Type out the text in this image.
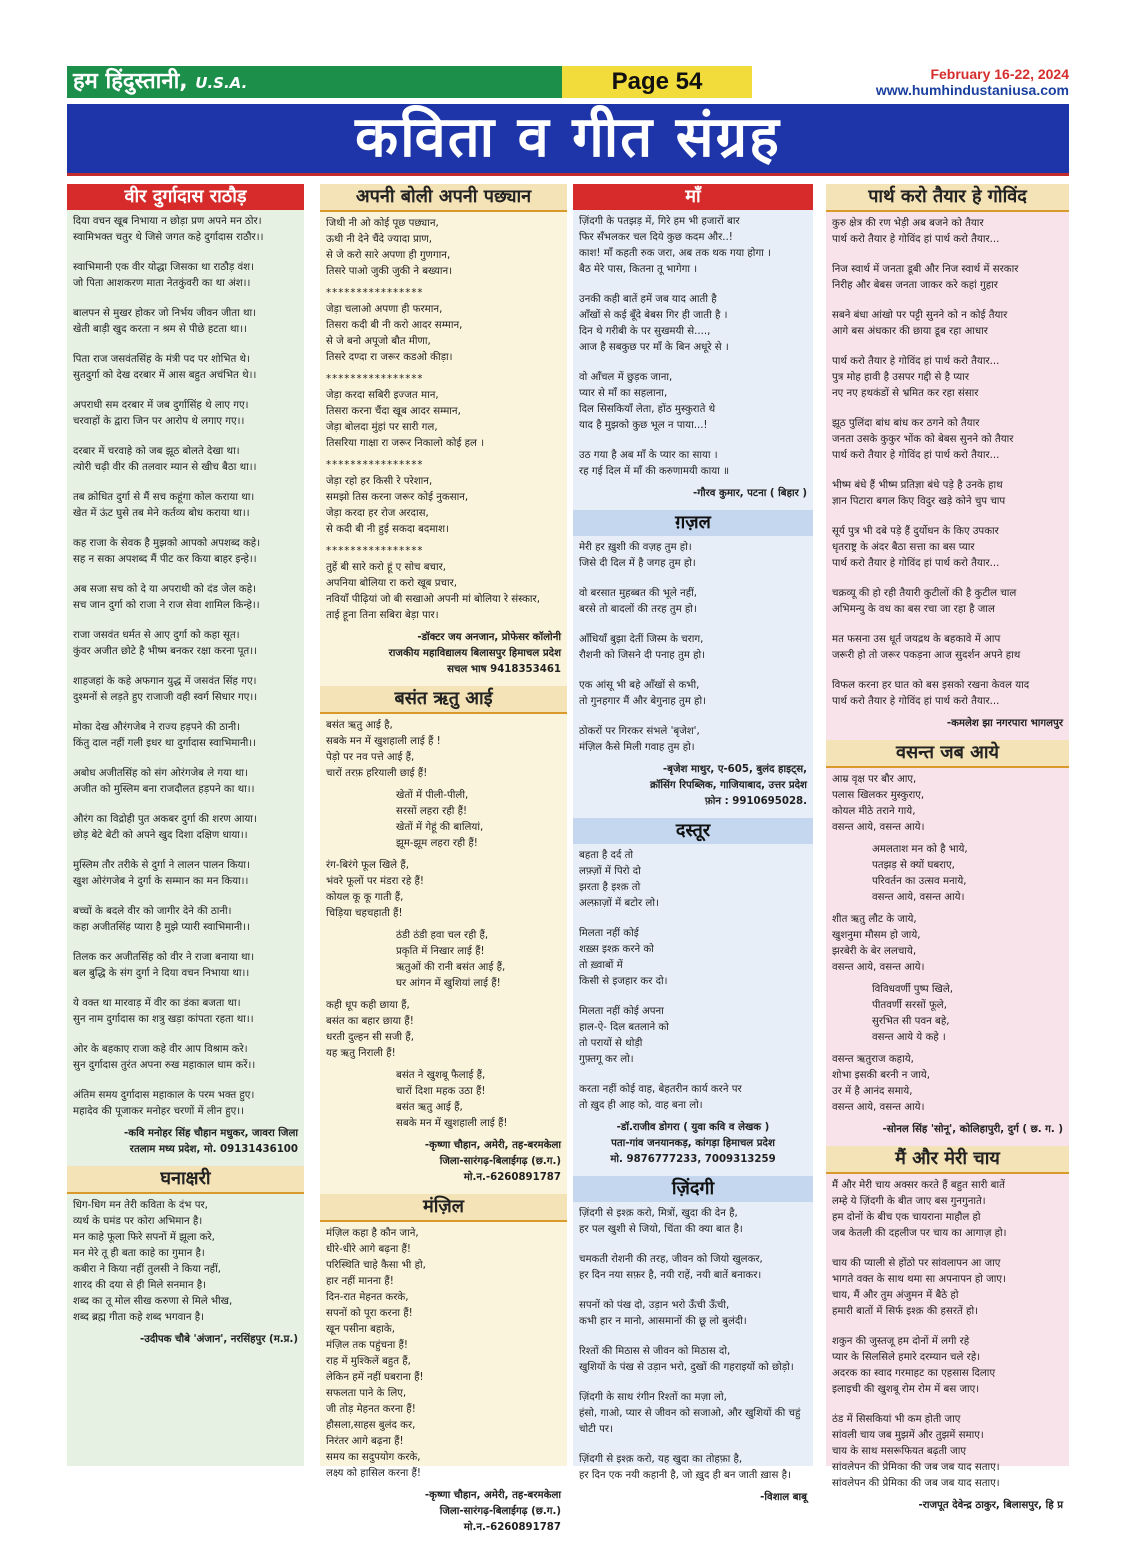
हम हिंदुस्तानी, U.S.A.	Page 54	February 16-22, 2024
www.humhindustaniusa.com
कविता व गीत संग्रह
वीर दुर्गादास राठौड़

दिया वचन खूब निभाया न छोड़ा प्रण अपने मन ठोर।
स्वामिभक्त चतुर थे जिसे जगत कहे दुर्गादास राठौर।।

स्वाभिमानी एक वीर योद्धा जिसका था राठौड़ वंश।
जो पिता आशकरण माता नेतकुंवरी का था अंश।।

बालपन से मुखर होकर जो निर्भय जीवन जीता था।
खेती बाड़ी खुद करता न श्रम से पीछे हटता था।।

पिता राज जसवंतसिंह के मंत्री पद पर शोभित थे।
सुतदुर्गा को देख दरबार में आस बहुत अचंभित थे।।

अपराधी सम दरबार में जब दुर्गासिंह थे लाए गए।
चरवाहों के द्वारा जिन पर आरोप थे लगाए गए।।

दरबार में चरवाहे को जब झूठ बोलते देखा था।
त्योरी चढ़ी वीर की तलवार म्यान से खीच बैठा था।।

तब क्रोधित दुर्गा से मैं सच कहूंगा कोल कराया था।
खेत में ऊंट घुसे तब मेने कर्तव्य बोध कराया था।।

कह राजा के सेवक है मुझको आपको अपशब्द कहे।
सह न सका अपशब्द मैं पीट कर किया बाहर इन्हे।।

अब सजा सच को दे या अपराधी को दंड जेल कहे।
सच जान दुर्गा को राजा ने राज सेवा शामिल किन्हे।।

राजा जसवंत धर्मत से आए दुर्गा को कहा सूत।
कुंवर अजीत छोटे है भीष्म बनकर रक्षा करना पूत।।

शाहजहां के कहे अफगान युद्ध में जसवंत सिंह गए।
दुश्मनों से लड़ते हुए राजाजी वही स्वर्ग सिधार गए।।

मोका देख औरंगजेब ने राज्य हड़पने की ठानी।
किंतु दाल नहीं गली इधर था दुर्गादास स्वाभिमानी।।

अबोध अजीतसिंह को संग ओरंगजेब ले गया था।
अजीत को मुस्लिम बना राजदौलत हड़पने का था।।

औरंग का विद्रोही पुत अकबर दुर्गा की शरण आया।
छोड़ बेटे बेटी को अपने खुद दिशा दक्षिण धाया।।

मुस्लिम तौर तरीके से दुर्गा ने लालन पालन किया।
खुश ओरंगजेब ने दुर्गा के सम्मान का मन किया।।

बच्चों के बदले वीर को जागीर देने की ठानी।
कहा अजीतसिंह प्यारा है मुझे प्यारी स्वाभिमानी।।

तिलक कर अजीतसिंह को वीर ने राजा बनाया था।
बल बुद्धि के संग दुर्गा ने दिया वचन निभाया था।।

ये वक्त था मारवाड़ में वीर का डंका बजता था।
सुन नाम दुर्गादास का शत्रु खड़ा कांपता रहता था।।

ओर के बहकाए राजा कहे वीर आप विश्राम करे।
सुन दुर्गादास तुरंत अपना रुख महाकाल धाम करें।।

अंतिम समय दुर्गादास महाकाल के परम भक्त हुए।
महादेव की पूजाकर मनोहर चरणों में लीन हुए।।

-कवि मनोहर सिंह चौहान मधुकर, जावरा जिला
रतलाम मध्य प्रदेश, मो. 09131436100

घनाक्षरी

धिग-धिग मन तेरी कविता के दंभ पर,
व्यर्थ के घमंड पर कोरा अभिमान है।
मन काहे फूला फिरे सपनों में झूला करे,
मन मेरे तू ही बता काहे का गुमान है।
कबीरा ने किया नहीं तुलसी ने किया नहीं,
शारद की दया से ही मिले सनमान है।
शब्द का तू मोल सीख करुणा से मिले भीख,
शब्द ब्रह्म गीता कहे शब्द भगवान है।

-उदीपक चौबे 'अंजान', नरसिंहपुर (म.प्र.)

अपनी बोली अपनी पछ्यान

जिथी नी ओ कोई पूछ पछ्यान,
ऊथी नी देने चैंदे ज्यादा प्राण,
से जे करो सारे अपणा ही गुणगान,
तिसरे पाओ जुकी जुकी ने बख्यान।

****************

जेड़ा चलाओ अपणा ही फरमान,
तिसरा कदी बी नी करो आदर सम्मान,
से जे बनो अपूजो बौत मीणा,
तिसरे दण्दा रा जरूर कडओ कीड़ा।

****************

जेड़ा करदा सबिरी इज्जत मान,
तिसरा करना चैंदा खूब आदर सम्मान,
जेड़ा बोलदा मुंहां पर सारी गल,
तिसरिया गाक्षा रा जरूर निकालो कोई हल ।

****************

जेड़ा रहो हर किसी रे परेशान,
समझो तिस करना जरूर कोई नुकसान,
जेड़ा करदा हर रोज अरदास,
से कदी बी नी हुई सकदा बदमाश।

****************

तुहें बी सारे करो हूं ए सोच बचार,
अपनिया बोलिया रा करो खूब प्रचार,
नवियाँ पीढ़ियां जो बी सखाओ अपनी मां बोलिया रे संस्कार,
ताई हूना तिना सबिरा बेड़ा पार।

-डॉक्टर जय अनजान, प्रोफेसर कॉलोनी
राजकीय महाविद्यालय बिलासपुर हिमाचल प्रदेश
सचल भाष 9418353461

बसंत ऋतु आई

बसंत ऋतु आई है,
सबके मन में खुशहाली लाई हैं !
पेड़ो पर नव पत्ते आई हैं,
चारों तरफ़ हरियाली छाई हैं!

खेतों में पीली-पीली,
सरसों लहरा रही हैं!
खेतों में गेहूं की बालियां,
झूम-झूम लहरा रही हैं!

रंग-बिरंगे फूल खिले हैं,
भंवरे फूलों पर मंडरा रहे हैं!
कोयल कू कू गाती हैं,
चिड़िया चहचहाती हैं!

ठंडी ठंडी हवा चल रही हैं,
प्रकृति में निखार लाई हैं!
ऋतुओं की रानी बसंत आई हैं,
घर आंगन में खुशियां लाई हैं!

कही धूप कही छाया हैं,
बसंत का बहार छाया हैं!
धरती दुल्हन सी सजी हैं,
यह ऋतु निराली हैं!

बसंत ने खुशबू फैलाई हैं,
चारों दिशा महक उठा हैं!
बसंत ऋतु आई हैं,
सबके मन में खुशहाली लाई हैं!

-कृष्णा चौहान, अमेरी, तह-बरमकेला
जिला-सारंगढ़-बिलाईगढ़ (छ.ग.)
मो.न.-6260891787

मंज़िल

मंज़िल कहा है कौन जाने,
धीरे-धीरे आगे बढ़ना हैं!
परिस्थिति चाहे कैसा भी हो,
हार नहीं मानना हैं!
दिन-रात मेहनत करके,
सपनों को पूरा करना हैं!
खून पसीना बहाके,
मंज़िल तक पहुंचना हैं!
राह में मुश्किलें बहुत हैं,
लेकिन हमें नहीं घबराना हैं!
सफलता पाने के लिए,
जी तोड़ मेहनत करना हैं!
हौसला,साहस बुलंद कर,
निरंतर आगे बढ़ना हैं!
समय का सदुपयोग करके,
लक्ष्य को हासिल करना हैं!

-कृष्णा चौहान, अमेरी, तह-बरमकेला
जिला-सारंगढ़-बिलाईगढ़ (छ.ग.)
मो.न.-6260891787

माँ

ज़िंदगी के पतझड़ में, गिरे हम भी हजारों बार
फिर सँभलकर चल दिये कुछ कदम और..!
काश! माँ कहती रुक जरा, अब तक थक गया होगा ।
बैठ मेरे पास, कितना तू भागेगा ।

उनकी कही बातें हमें जब याद आती है
आँखों से कई बूँदे बेबस गिर ही जाती है ।
दिन थे गरीबी के पर सुखमयी से....,
आज है सबकुछ पर माँ के बिन अधूरे से ।

वो आँचल में छुड़क जाना,
प्यार से माँ का सहलाना,
दिल सिसकियाँ लेता, होंठ मुस्कुराते थे
याद है मुझको कुछ भूल न पाया...!

उठ गया है अब माँ के प्यार का साया ।
रह गई दिल में माँ की करुणामयी काया ॥

-गौरव कुमार, पटना ( बिहार )

ग़ज़ल

मेरी हर ख़ुशी की वज़ह तुम हो।
जिसे दी दिल में है जगह तुम हो।

वो बरसात मुहब्बत की भूले नहीं,
बरसे तो बादलों की तरह तुम हो।

आँधियाँ बुझा देतीं जिस्म के चराग,
रौशनी को जिसने दी पनाह तुम हो।

एक आंसू भी बहे आँखों से कभी,
तो गुनहगार मैं और बेगुनाह तुम हो।

ठोकरों पर गिरकर संभले 'बृजेश',
मंज़िल कैसे मिली गवाह तुम हो।

-बृजेश माथुर, ए-605, बुलंद हाइट्स,
क्रॉसिंग रिपब्लिक, गाजियाबाद, उत्तर प्रदेश
फ़ोन : 9910695028.

दस्तूर

बहता है दर्द तो
लफ़्ज़ों में पिरो दो
झरता है इश्क़ तो
अल्फ़ाज़ों में बटोर लो।

मिलता नहीं कोई
शख़्स इश्क़ करने को
तो ख़्वाबों में
किसी से इजहार कर दो।

मिलता नहीं कोई अपना
हाल-ऐ- दिल बतलाने को
तो परायों से थोड़ी
गुफ़्तगू कर लो।

करता नहीं कोई वाह, बेहतरीन कार्य करने पर
तो ख़ुद ही आह को, वाह बना लो।

-डॉ.राजीव डोगरा ( युवा कवि व लेखक )
पता-गांव जनयानकड़, कांगड़ा हिमाचल प्रदेश
मो. 9876777233, 7009313259

ज़िंदगी

ज़िंदगी से इश्क़ करो, मित्रों, खुदा की देन है,
हर पल खुशी से जियो, चिंता की क्या बात है।

चमकती रोशनी की तरह, जीवन को जियो खुलकर,
हर दिन नया सफ़र है, नयी राहें, नयी बातें बनाकर।

सपनों को पंख दो, उड़ान भरो ऊँची ऊँची,
कभी हार न मानो, आसमानों की छू लो बुलंदी।

रिश्तों की मिठास से जीवन को मिठास दो,
खुशियों के पंख से उड़ान भरो, दुखों की गहराइयों को छोड़ो।

ज़िंदगी के साथ रंगीन रिश्तों का मज़ा लो,
हंसो, गाओ, प्यार से जीवन को सजाओ, और खुशियों की चहुं चोटी पर।

ज़िंदगी से इश्क़ करो, यह खुदा का तोहफ़ा है,
हर दिन एक नयी कहानी है, जो ख़ुद ही बन जाती ख़ास है।

-विशाल बाबू

पार्थ करो तैयार हे गोविंद

कुरु क्षेत्र की रण भेड़ी अब बजने को तैयार
पार्थ करो तैयार हे गोविंद हां पार्थ करो तैयार...

निज स्वार्थ में जनता डूबी और निज स्वार्थ में सरकार
निरीह और बेबस जनता जाकर करे कहां गुहार

सबने बंधा आंखो पर पट्टी सुनने को न कोई तैयार
आगे बस अंधकार की छाया डूब रहा आधार

पार्थ करो तैयार हे गोविंद हां पार्थ करो तैयार...
पुत्र मोह हावी है उसपर गद्दी से है प्यार
नए नए हथकंडों से भ्रमित कर रहा संसार

झूठ पुलिंदा बांध बांध कर ठगने को तैयार
जनता उसके कुकुर भोंक को बेबस सुनने को तैयार
पार्थ करो तैयार हे गोविंद हां पार्थ करो तैयार...

भीष्म बंधे हैं भीष्म प्रतिज्ञा बंधे पड़े है उनके हाथ
ज्ञान पिटारा बगल किए विदुर खड़े कोने चुप चाप

सूर्य पुत्र भी दबे पड़े हैं दुर्योधन के किए उपकार
धृतराष्ट्र के अंदर बैठा सत्ता का बस प्यार
पार्थ करो तैयार हे गोविंद हां पार्थ करो तैयार...

चक्रव्यू की हो रही तैयारी कुटीलों की है कुटील चाल
अभिमन्यु के वध का बस रचा जा रहा है जाल

मत फसना उस धूर्त जयद्रथ के बहकावे में आप
जरूरी हो तो जरूर पकड़ना आज सुदर्शन अपने हाथ

विफल करना हर घात को बस इसको रखना केवल याद
पार्थ करो तैयार हे गोविंद हां पार्थ करो तैयार...

-कमलेश झा नगरपारा भागलपुर

वसन्त जब आये

आम्र वृक्ष पर बौर आए,
पलास खिलकर मुस्कुराए,
कोयल मीठे तराने गाये,
वसन्त आये, वसन्त आये।

अमलताश मन को है भाये,
पतझड़ से क्यों घबराए,
परिवर्तन का उत्सव मनाये,
वसन्त आये, वसन्त आये।

शीत ऋतु लौट के जाये,
खुशनुमा मौसम हो जाये,
झरबेरी के बेर ललचाये,
वसन्त आये, वसन्त आये।

विविधवर्णी पुष्प खिले,
पीतवर्णी सरसों फूले,
सुरभित सी पवन बहे,
वसन्त आये ये कहे ।

वसन्त ऋतुराज कहाये,
शोभा इसकी बरनी न जाये,
उर में है आनंद समाये,
वसन्त आये, वसन्त आये।

-सोनल सिंह 'सोनू', कोलिहापुरी, दुर्ग ( छ. ग. )

मैं और मेरी चाय

मैं और मेरी चाय अक्सर करते हैं बहुत सारी बातें
लम्हे ये ज़िंदगी के बीत जाए बस गुनगुनाते।
हम दोनों के बीच एक चायराना माहौल हो
जब केतली की दहलीज पर चाय का आगाज़ हो।

चाय की प्याली से होंठो पर सांवलापन आ जाए
भागते वक्त के साथ थमा सा अपनापन हो जाए।
चाय, मैं और तुम अंजुमन में बैठे हो
हमारी बातों में सिर्फ इश्क़ की हसरतें हो।

शकुन की जुस्तजू हम दोनों में लगी रहे
प्यार के सिलसिले हमारे दरम्यान चले रहे।
अदरक का स्वाद गरमाहट का एहसास दिलाए
इलाइची की खुशबू रोम रोम में बस जाए।

ठंड में सिसकियां भी कम होती जाए
सांवली चाय जब मुझमें और तुझमें समाए।
चाय के साथ मसरूफियत बढ़ती जाए
सांवलेपन की प्रेमिका की जब जब याद सताए।
सांवलेपन की प्रेमिका की जब जब याद सताए।

-राजपूत देवेन्द्र ठाकुर, बिलासपुर, हि प्र
